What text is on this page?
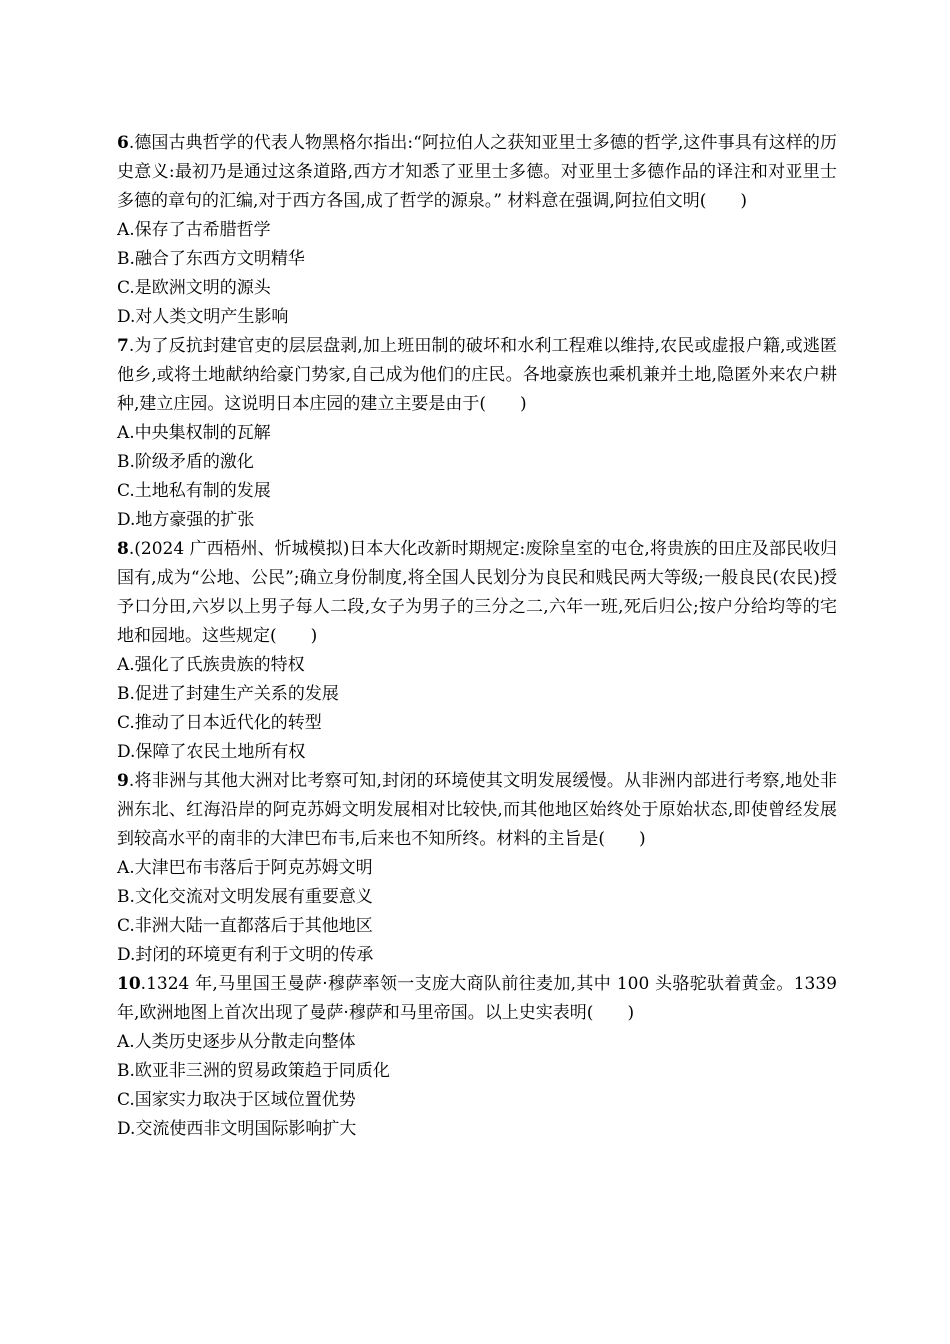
6.德国古典哲学的代表人物黑格尔指出:“阿拉伯人之获知亚里士多德的哲学,这件事具有这样的历史意义:最初乃是通过这条道路,西方才知悉了亚里士多德。对亚里士多德作品的译注和对亚里士多德的章句的汇编,对于西方各国,成了哲学的源泉。” 材料意在强调,阿拉伯文明(　　)

A.保存了古希腊哲学

B.融合了东西方文明精华

C.是欧洲文明的源头

D.对人类文明产生影响

7.为了反抗封建官吏的层层盘剥,加上班田制的破坏和水利工程难以维持,农民或虚报户籍,或逃匿他乡,或将土地献纳给豪门势家,自己成为他们的庄民。各地豪族也乘机兼并土地,隐匿外来农户耕种,建立庄园。这说明日本庄园的建立主要是由于(　　)

A.中央集权制的瓦解

B.阶级矛盾的激化

C.土地私有制的发展

D.地方豪强的扩张

8.(2024 广西梧州、忻城模拟)日本大化改新时期规定:废除皇室的屯仓,将贵族的田庄及部民收归国有,成为“公地、公民”;确立身份制度,将全国人民划分为良民和贱民两大等级;一般良民(农民)授予口分田,六岁以上男子每人二段,女子为男子的三分之二,六年一班,死后归公;按户分给均等的宅地和园地。这些规定(　　)

A.强化了氏族贵族的特权

B.促进了封建生产关系的发展

C.推动了日本近代化的转型

D.保障了农民土地所有权

9.将非洲与其他大洲对比考察可知,封闭的环境使其文明发展缓慢。从非洲内部进行考察,地处非洲东北、红海沿岸的阿克苏姆文明发展相对比较快,而其他地区始终处于原始状态,即使曾经发展到较高水平的南非的大津巴布韦,后来也不知所终。材料的主旨是(　　)

A.大津巴布韦落后于阿克苏姆文明

B.文化交流对文明发展有重要意义

C.非洲大陆一直都落后于其他地区

D.封闭的环境更有利于文明的传承

10.1324 年,马里国王曼萨·穆萨率领一支庞大商队前往麦加,其中 100 头骆驼驮着黄金。1339 年,欧洲地图上首次出现了曼萨·穆萨和马里帝国。以上史实表明(　　)

A.人类历史逐步从分散走向整体

B.欧亚非三洲的贸易政策趋于同质化

C.国家实力取决于区域位置优势

D.交流使西非文明国际影响扩大
